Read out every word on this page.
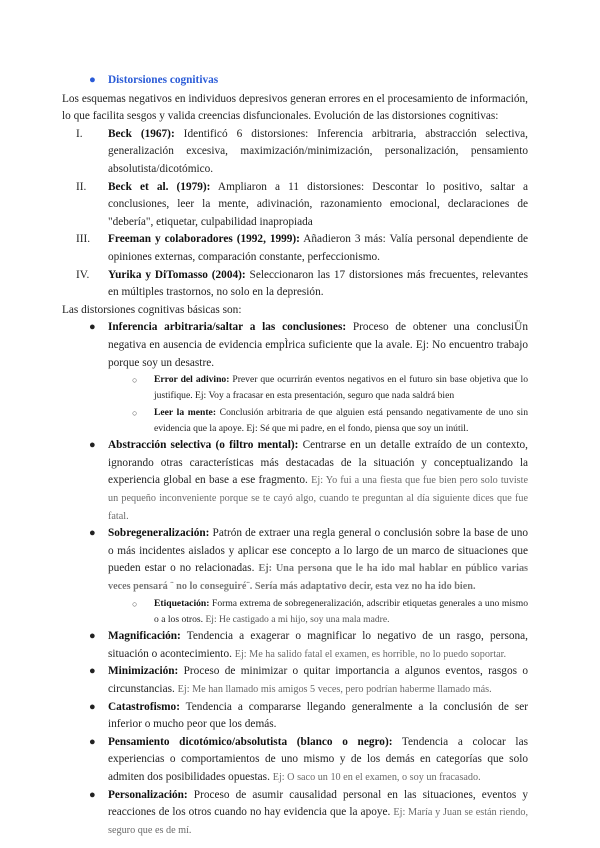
● Distorsiones cognitivas

Los esquemas negativos en individuos depresivos generan errores en el procesamiento de información, lo que facilita sesgos y valida creencias disfuncionales. Evolución de las distorsiones cognitivas:

I.	Beck (1967): Identificó 6 distorsiones: Inferencia arbitraria, abstracción selectiva, generalización excesiva, maximización/minimización, personalización, pensamiento absolutista/dicotómico.
II.	Beck et al. (1979): Ampliaron a 11 distorsiones: Descontar lo positivo, saltar a conclusiones, leer la mente, adivinación, razonamiento emocional, declaraciones de "debería", etiquetar, culpabilidad inapropiada
III.	Freeman y colaboradores (1992, 1999): Añadieron 3 más: Valía personal dependiente de opiniones externas, comparación constante, perfeccionismo.
IV.	Yurika y DiTomasso (2004): Seleccionaron las 17 distorsiones más frecuentes, relevantes en múltiples trastornos, no solo en la depresión.

Las distorsiones cognitivas básicas son:

● Inferencia arbitraria/saltar a las conclusiones: Proceso de obtener una conclusiÜn negativa en ausencia de evidencia empÌrica suficiente que la avale. Ej: No encuentro trabajo porque soy un desastre.
○ Error del adivino: Prever que ocurrirán eventos negativos en el futuro sin base objetiva que lo justifique. Ej: Voy a fracasar en esta presentación, seguro que nada saldrá bien
○ Leer la mente: Conclusión arbitraria de que alguien está pensando negativamente de uno sin evidencia que la apoye. Ej: Sé que mi padre, en el fondo, piensa que soy un inútil.
● Abstracción selectiva (o filtro mental): Centrarse en un detalle extraído de un contexto, ignorando otras características más destacadas de la situación y conceptualizando la experiencia global en base a ese fragmento. Ej: Yo fui a una fiesta que fue bien pero solo tuviste un pequeño inconveniente porque se te cayó algo, cuando te preguntan al día siguiente dices que fue fatal.
● Sobregeneralización: Patrón de extraer una regla general o conclusión sobre la base de uno o más incidentes aislados y aplicar ese concepto a lo largo de un marco de situaciones que pueden estar o no relacionadas. Ej: Una persona que le ha ido mal hablar en público varias veces pensará ¨ no lo conseguiré¨. Sería más adaptativo decir, esta vez no ha ido bien.
○ Etiquetación: Forma extrema de sobregeneralización, adscribir etiquetas generales a uno mismo o a los otros. Ej: He castigado a mi hijo, soy una mala madre.
● Magnificación: Tendencia a exagerar o magnificar lo negativo de un rasgo, persona, situación o acontecimiento. Ej: Me ha salido fatal el examen, es horrible, no lo puedo soportar.
● Minimización: Proceso de minimizar o quitar importancia a algunos eventos, rasgos o circunstancias. Ej: Me han llamado mis amigos 5 veces, pero podrían haberme llamado más.
● Catastrofismo: Tendencia a compararse llegando generalmente a la conclusión de ser inferior o mucho peor que los demás.
● Pensamiento dicotómico/absolutista (blanco o negro): Tendencia a colocar las experiencias o comportamientos de uno mismo y de los demás en categorías que solo admiten dos posibilidades opuestas. Ej: O saco un 10 en el examen, o soy un fracasado.
● Personalización: Proceso de asumir causalidad personal en las situaciones, eventos y reacciones de los otros cuando no hay evidencia que la apoye. Ej: María y Juan se están riendo, seguro que es de mí.
